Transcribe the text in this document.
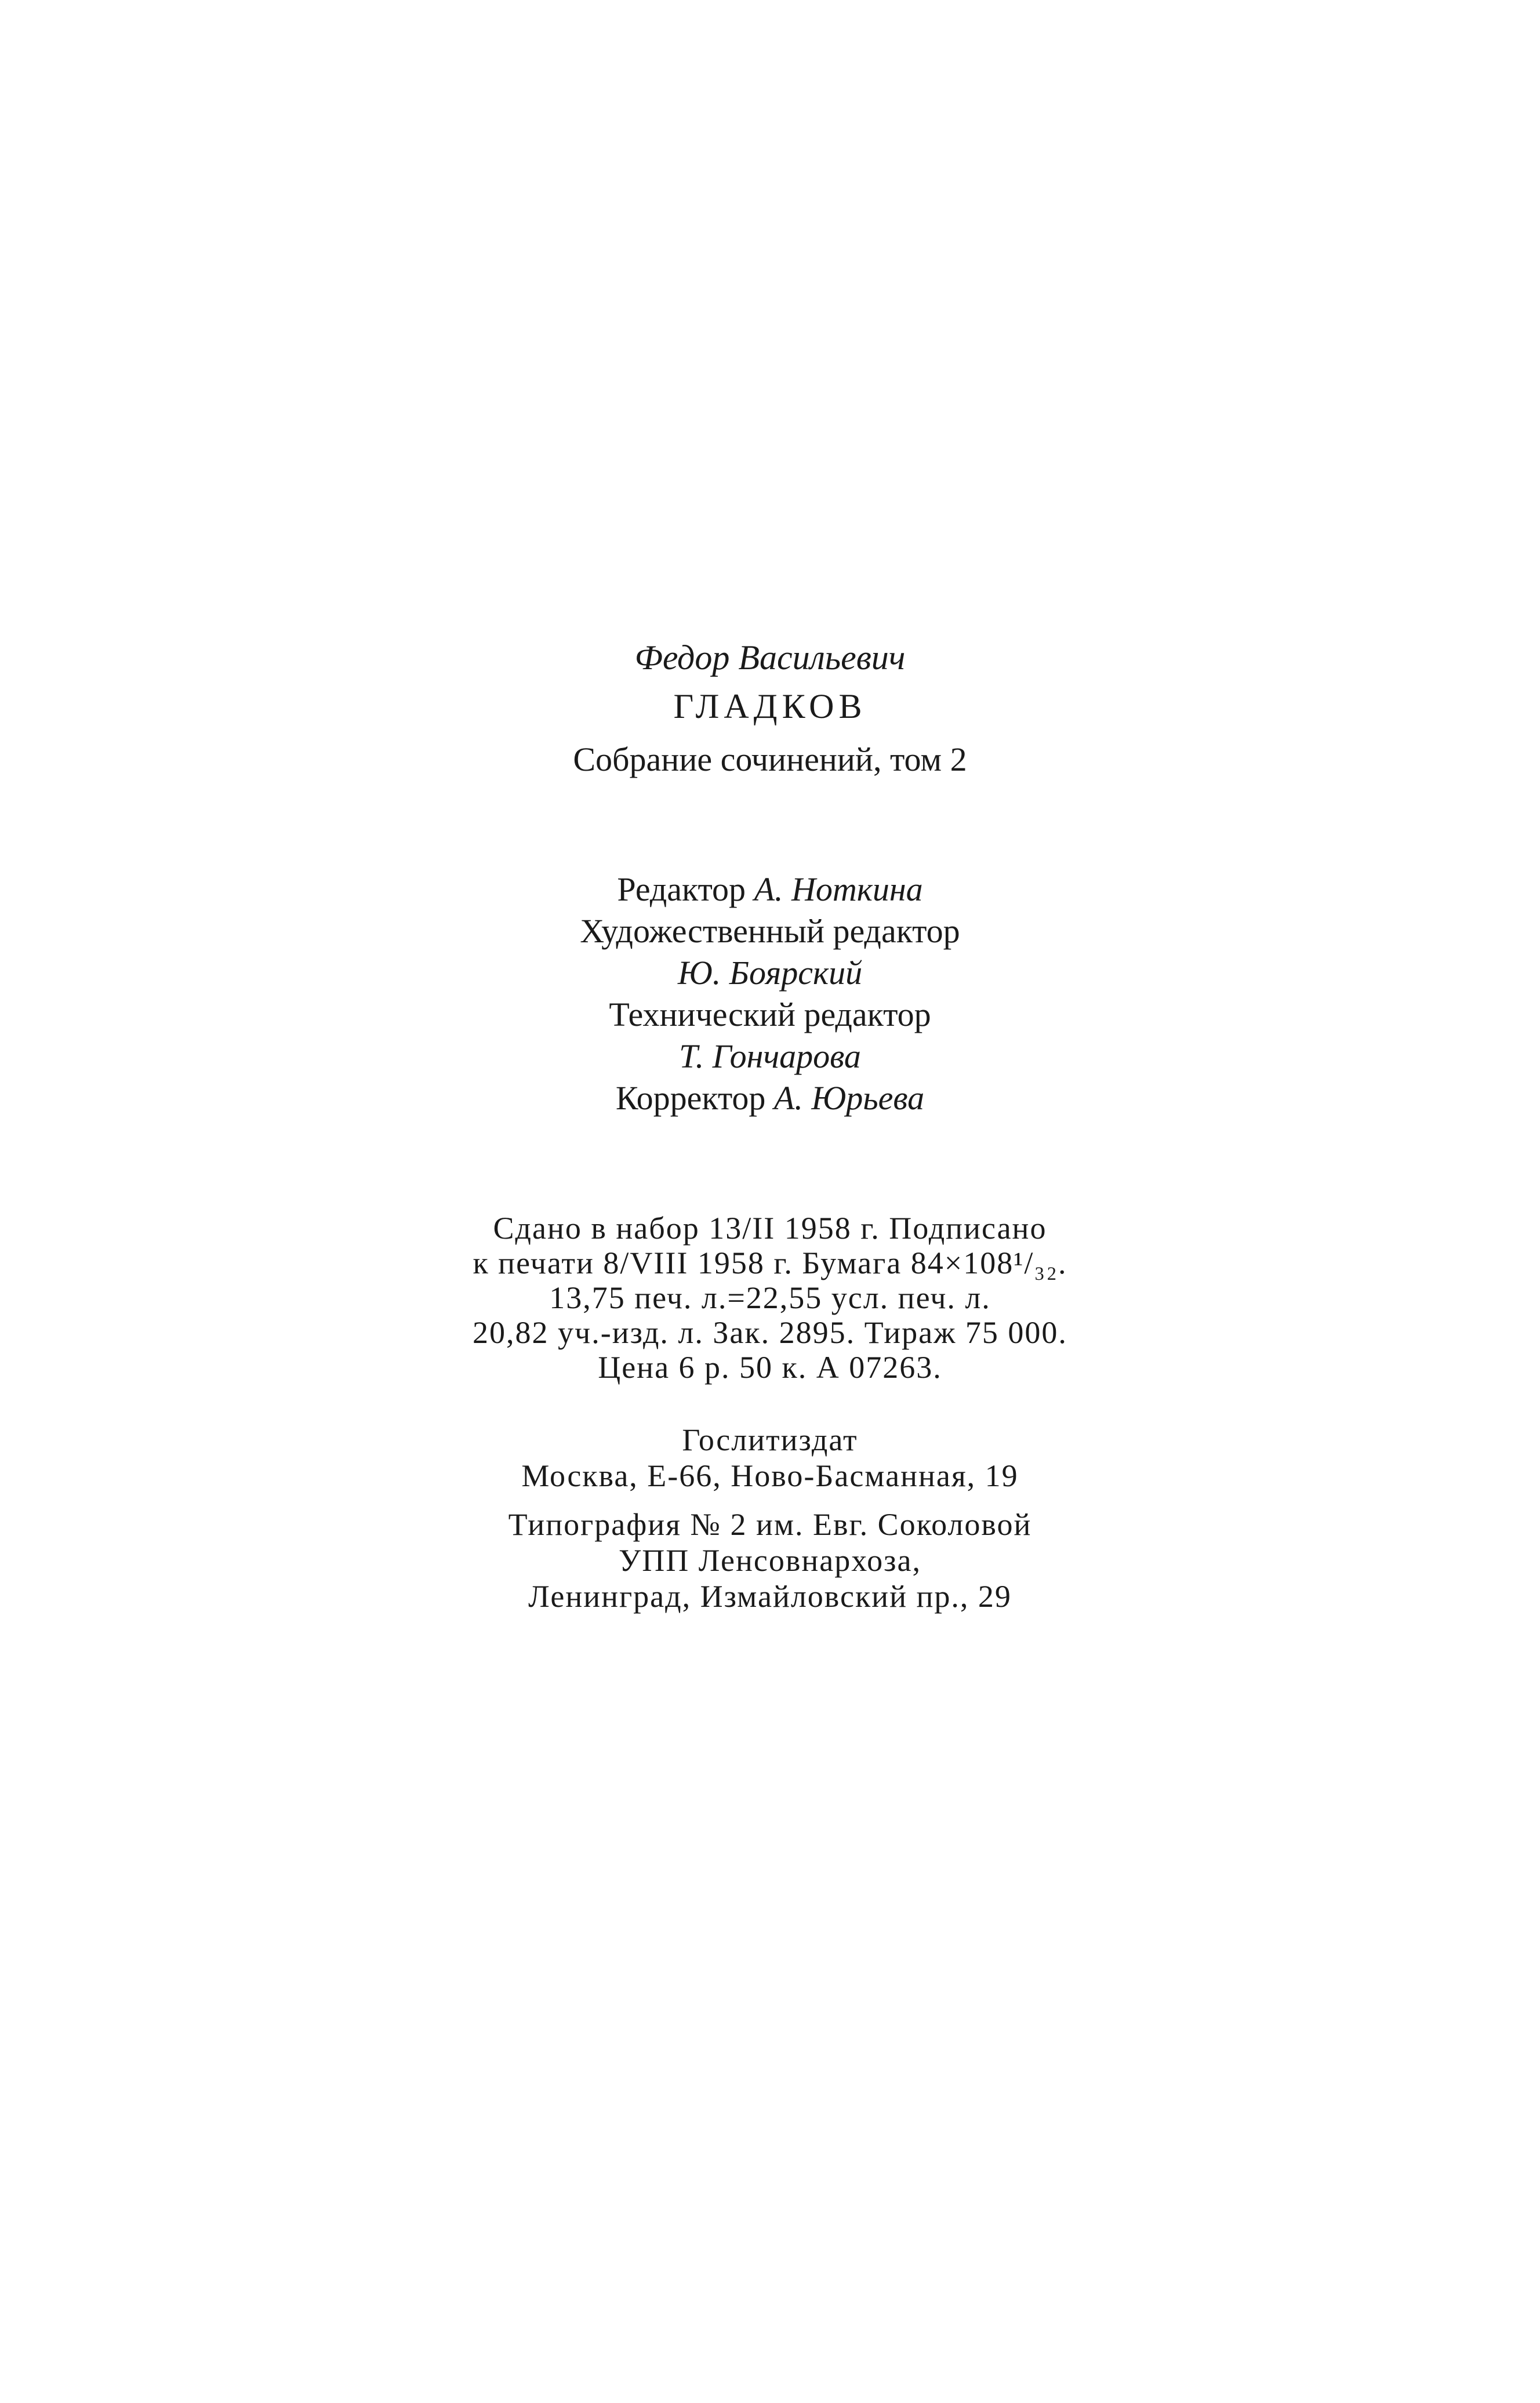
Федор Васильевич
ГЛАДКОВ
Собрание сочинений, том 2
Редактор А. Ноткина
Художественный редактор
Ю. Боярский
Технический редактор
Т. Гончарова
Корректор А. Юрьева
Сдано в набор 13/II 1958 г. Подписано
к печати 8/VIII 1958 г. Бумага 84×108¹/₃₂.
13,75 печ. л.=22,55 усл. печ. л.
20,82 уч.-изд. л. Зак. 2895. Тираж 75 000.
Цена 6 р. 50 к. А 07263.
Гослитиздат
Москва, Е-66, Ново-Басманная, 19
Типография № 2 им. Евг. Соколовой
УПП Ленсовнархоза,
Ленинград, Измайловский пр., 29
